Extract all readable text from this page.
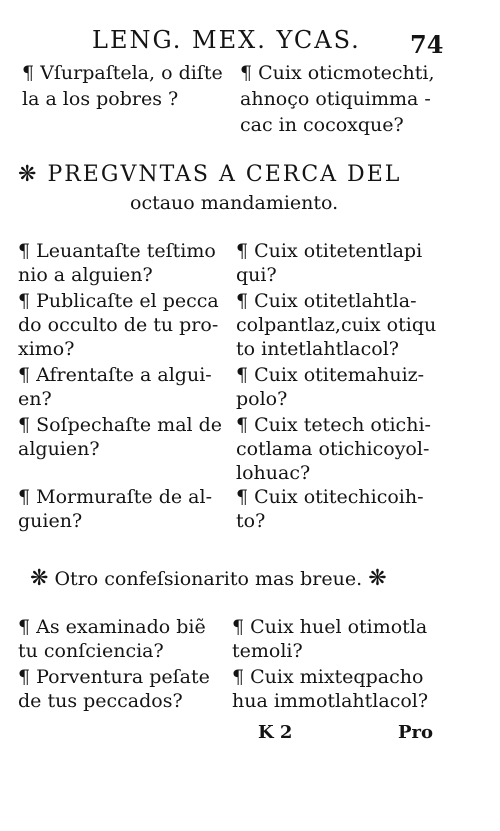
LENG. MEX. YCAS. 74
¶ Vſurpaſtela, o diſte
la a los pobres ?
¶ Cuix oticmotechti,
ahnoço otiquimma -
cac in cocoxque?
❋ PREGVNTAS A CERCA DEL
octauo mandamiento.
¶ Leuantaſte teſtimo
nio a alguien?
¶ Publicaſte el pecca
do occulto de tu pro-
ximo?
¶ Afrentaſte a algui-
en?
¶ Soſpechaſte mal de
alguien?
¶ Mormuraſte de al-
guien?
¶ Cuix otitetentlapi
qui?
¶ Cuix otitetlahtla-
colpantlaz,cuix otiqu
to intetlahtlacol?
¶ Cuix otitemahuiz-
polo?
¶ Cuix tetech otichi-
cotlama otichicoyol-
lohuac?
¶ Cuix otitechicoih-
to?
❋ Otro confeſsionarito mas breue. ❋
¶ As examinado biẽ
tu conſciencia?
¶ Porventura peſate
de tus peccados?
¶ Cuix huel otimotla
temoli?
¶ Cuix mixteqpacho
hua immotlahtlacol?
K 2	Pro
